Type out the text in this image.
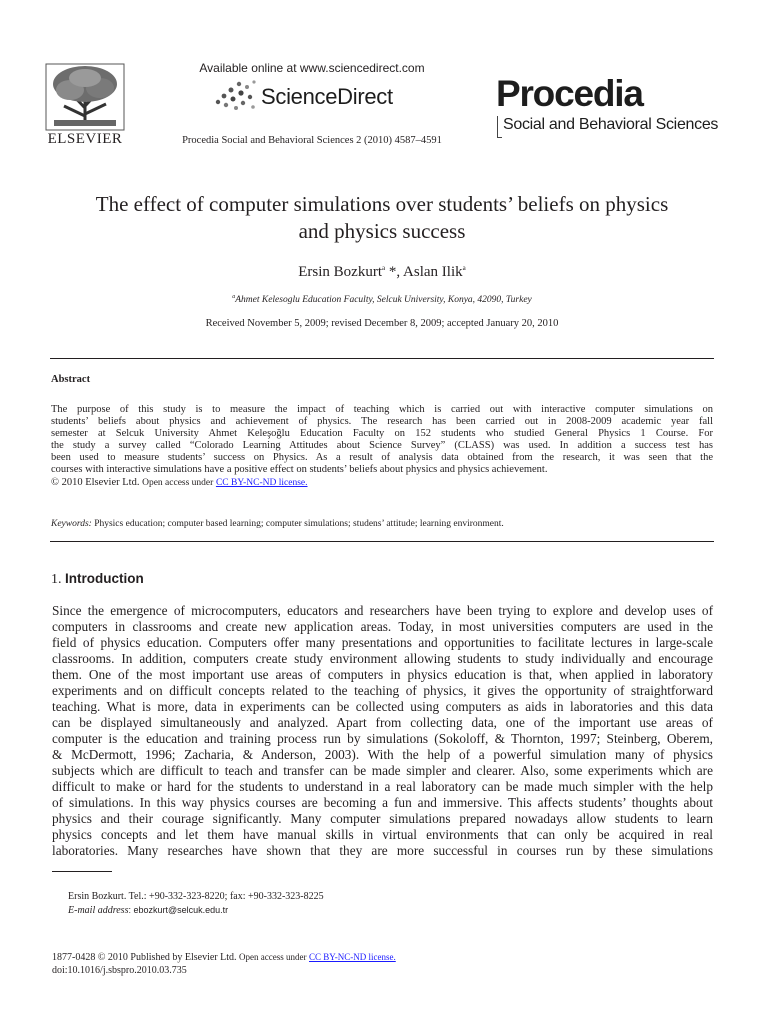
ELSEVIER
Available online at www.sciencedirect.com
ScienceDirect
Procedia Social and Behavioral Sciences 2 (2010) 4587–4591
Procedia
Social and Behavioral Sciences
The effect of computer simulations over students’ beliefs on physics
and physics success
Ersin Bozkurt$^a$ *, Aslan Ilik$^a$
$^a$Ahmet Kelesoglu Education Faculty, Selcuk University, Konya, 42090, Turkey
Received November 5, 2009; revised December 8, 2009; accepted January 20, 2010
Abstract
The purpose of this study is to measure the impact of teaching which is carried out with interactive computer simulations on
students’ beliefs about physics and achievement of physics. The research has been carried out in 2008-2009 academic year fall
semester at Selcuk University Ahmet Keleşoğlu Education Faculty on 152 students who studied General Physics 1 Course. For
the study a survey called “Colorado Learning Attitudes about Science Survey” (CLASS) was used. In addition a success test has
been used to measure students’ success on Physics. As a result of analysis data obtained from the research, it was seen that the
courses with interactive simulations have a positive effect on students’ beliefs about physics and physics achievement.
© 2010 Elsevier Ltd. Open access under CC BY-NC-ND license.
Keywords: Physics education; computer based learning; computer simulations; studens’ attitude; learning environment.
1. Introduction
Since the emergence of microcomputers, educators and researchers have been trying to explore and develop uses of
computers in classrooms and create new application areas. Today, in most universities computers are used in the
field of physics education. Computers offer many presentations and opportunities to facilitate lectures in large-scale
classrooms. In addition, computers create study environment allowing students to study individually and encourage
them. One of the most important use areas of computers in physics education is that, when applied in laboratory
experiments and on difficult concepts related to the teaching of physics, it gives the opportunity of straightforward
teaching. What is more, data in experiments can be collected using computers as aids in laboratories and this data
can be displayed simultaneously and analyzed. Apart from collecting data, one of the important use areas of
computer is the education and training process run by simulations (Sokoloff, & Thornton, 1997; Steinberg, Oberem,
& McDermott, 1996; Zacharia, & Anderson, 2003). With the help of a powerful simulation many of physics
subjects which are difficult to teach and transfer can be made simpler and clearer. Also, some experiments which are
difficult to make or hard for the students to understand in a real laboratory can be made much simpler with the help
of simulations. In this way physics courses are becoming a fun and immersive. This affects students’ thoughts about
physics and their courage significantly. Many computer simulations prepared nowadays allow students to learn
physics concepts and let them have manual skills in virtual environments that can only be acquired in real
laboratories. Many researches have shown that they are more successful in courses run by these simulations
Ersin Bozkurt. Tel.: +90-332-323-8220; fax: +90-332-323-8225
E-mail address: ebozkurt@selcuk.edu.tr
1877-0428 © 2010 Published by Elsevier Ltd. Open access under CC BY-NC-ND license.
doi:10.1016/j.sbspro.2010.03.735
